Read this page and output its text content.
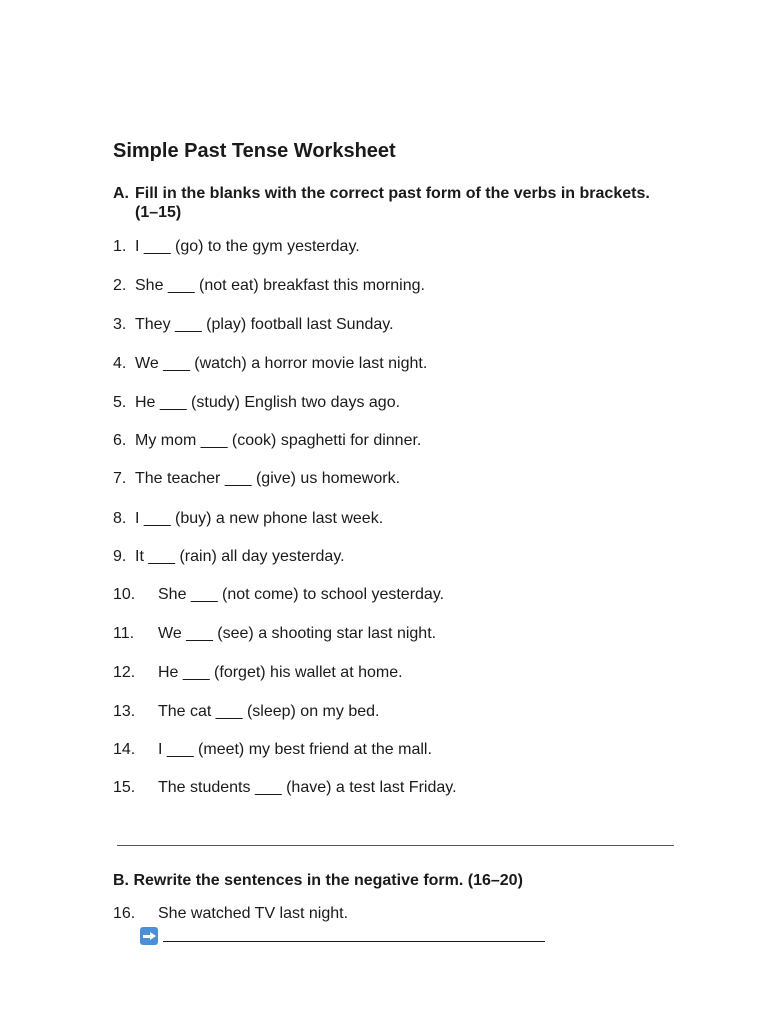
Simple Past Tense Worksheet
A. Fill in the blanks with the correct past form of the verbs in brackets.
(1–15)
1. I ___ (go) to the gym yesterday.
2. She ___ (not eat) breakfast this morning.
3. They ___ (play) football last Sunday.
4. We ___ (watch) a horror movie last night.
5. He ___ (study) English two days ago.
6. My mom ___ (cook) spaghetti for dinner.
7. The teacher ___ (give) us homework.
8. I ___ (buy) a new phone last week.
9. It ___ (rain) all day yesterday.
10. She ___ (not come) to school yesterday.
11. We ___ (see) a shooting star last night.
12. He ___ (forget) his wallet at home.
13. The cat ___ (sleep) on my bed.
14. I ___ (meet) my best friend at the mall.
15. The students ___ (have) a test last Friday.
B. Rewrite the sentences in the negative form. (16–20)
16. She watched TV last night.
